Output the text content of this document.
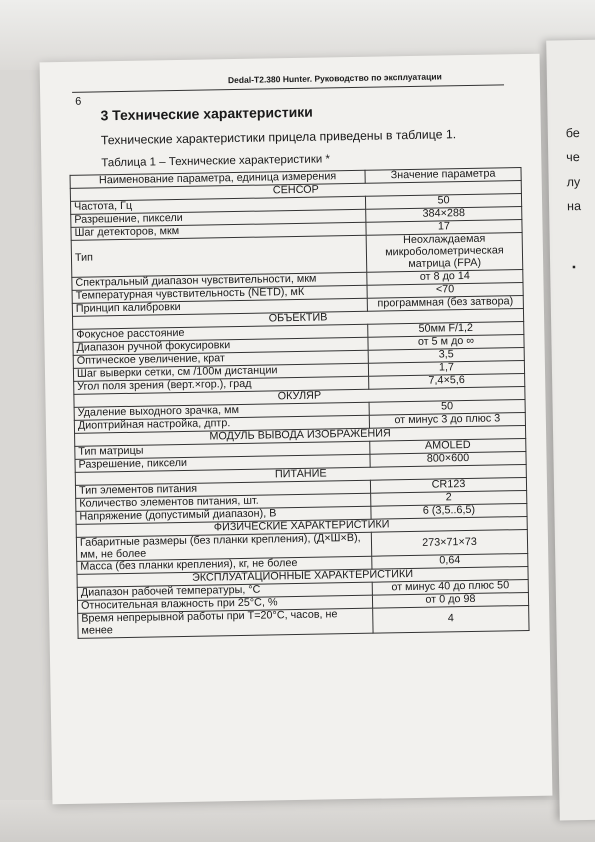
бе
че
лу
на
▪
Dedal-T2.380 Hunter. Руководство по эксплуатации
6
3 Технические характеристики
Технические характеристики прицела приведены в таблице 1.
Таблица 1 – Технические характеристики *
Наименование параметра, единица измерения	Значение параметра
СЕНСОР	
Частота, Гц	50
Разрешение, пиксели	384×288
Шаг детекторов, мкм	17
Тип	Неохлаждаемая микроболометрическая матрица (FPA)
Спектральный диапазон чувствительности, мкм	от 8 до 14
Температурная чувствительность (NETD), мК	<70
Принцип калибровки	программная (без затвора)
ОБЪЕКТИВ	
Фокусное расстояние	50мм F/1,2
Диапазон ручной фокусировки	от 5 м до ∞
Оптическое увеличение, крат	3,5
Шаг выверки сетки, см /100м дистанции	1,7
Угол поля зрения (верт.×гор.), град	7,4×5,6
ОКУЛЯР	
Удаление выходного зрачка, мм	50
Диоптрийная настройка, дптр.	от минус 3 до плюс 3
МОДУЛЬ ВЫВОДА ИЗОБРАЖЕНИЯ	
Тип матрицы	AMOLED
Разрешение, пиксели	800×600
ПИТАНИЕ	
Тип элементов питания	CR123
Количество элементов питания, шт.	2
Напряжение (допустимый диапазон), В	6 (3,5..6,5)
ФИЗИЧЕСКИЕ ХАРАКТЕРИСТИКИ	
Габаритные размеры (без планки крепления), (Д×Ш×В), мм, не более	273×71×73
Масса (без планки крепления), кг, не более	0,64
ЭКСПЛУАТАЦИОННЫЕ ХАРАКТЕРИСТИКИ	
Диапазон рабочей температуры, °С	от минус 40 до плюс 50
Относительная влажность при 25°С, %	от 0 до 98
Время непрерывной работы при Т=20°С, часов, не менее	4
